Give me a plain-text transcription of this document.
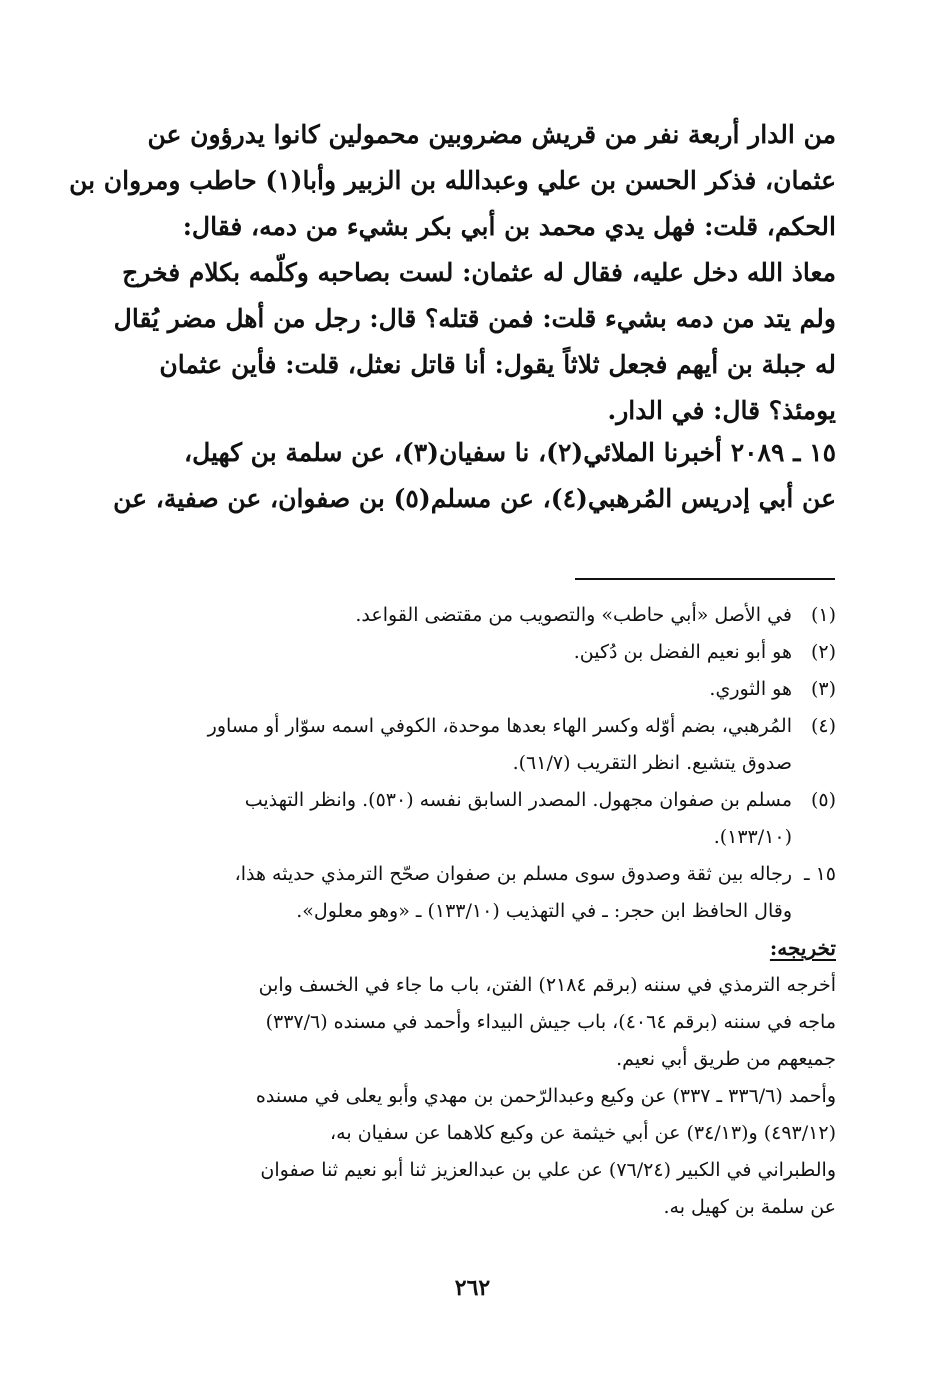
من الدار أربعة نفر من قريش مضروبين محمولين كانوا يدرؤون عن
عثمان، فذكر الحسن بن علي وعبدالله بن الزبير وأبا(١) حاطب ومروان بن
الحكم، قلت: فهل يدي محمد بن أبي بكر بشيء من دمه، فقال:
معاذ الله دخل عليه، فقال له عثمان: لست بصاحبه وكلّمه بكلام فخرج
ولم يتد من دمه بشيء قلت: فمن قتله؟ قال: رجل من أهل مضر يُقال
له جبلة بن أيهم فجعل ثلاثاً يقول: أنا قاتل نعثل، قلت: فأين عثمان
يومئذ؟ قال: في الدار.
١٥ ـ ٢٠٨٩ أخبرنا الملائي(٢)، نا سفيان(٣)، عن سلمة بن كهيل،
عن أبي إدريس المُرهبي(٤)، عن مسلم(٥) بن صفوان، عن صفية، عن
(١)
في الأصل «أبي حاطب» والتصويب من مقتضى القواعد.
(٢)
هو أبو نعيم الفضل بن دُكين.
(٣)
هو الثوري.
(٤)
المُرهبي، بضم أوّله وكسر الهاء بعدها موحدة، الكوفي اسمه سوّار أو مساور
صدوق يتشيع. انظر التقريب (٦١/٧).
(٥)
مسلم بن صفوان مجهول. المصدر السابق نفسه (٥٣٠). وانظر التهذيب
(١٣٣/١٠).
١٥ ـ
رجاله بين ثقة وصدوق سوى مسلم بن صفوان صحّح الترمذي حديثه هذا،
وقال الحافظ ابن حجر: ـ في التهذيب (١٣٣/١٠) ـ «وهو معلول».
تخريجه:
أخرجه الترمذي في سننه (برقم ٢١٨٤) الفتن، باب ما جاء في الخسف وابن
ماجه في سننه (برقم ٤٠٦٤)، باب جيش البيداء وأحمد في مسنده (٣٣٧/٦)
جميعهم من طريق أبي نعيم.
وأحمد (٣٣٦/٦ ـ ٣٣٧) عن وكيع وعبدالرّحمن بن مهدي وأبو يعلى في مسنده
(٤٩٣/١٢) و(٣٤/١٣) عن أبي خيثمة عن وكيع كلاهما عن سفيان به،
والطبراني في الكبير (٧٦/٢٤) عن علي بن عبدالعزيز ثنا أبو نعيم ثنا صفوان
عن سلمة بن كهيل به.
٢٦٢
